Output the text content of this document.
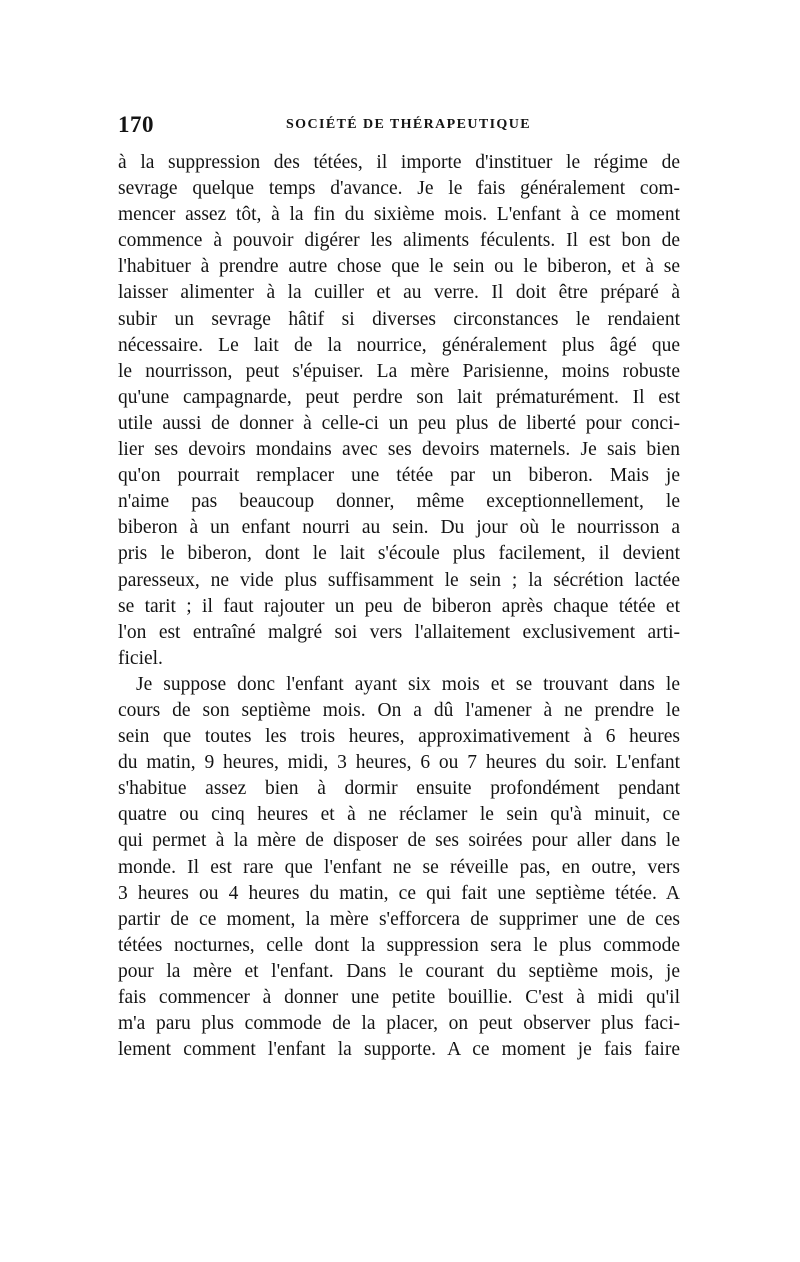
170	SOCIÉTÉ DE THÉRAPEUTIQUE
à la suppression des tétées, il importe d'instituer le régime de
sevrage quelque temps d'avance. Je le fais généralement com-
mencer assez tôt, à la fin du sixième mois. L'enfant à ce moment
commence à pouvoir digérer les aliments féculents. Il est bon de
l'habituer à prendre autre chose que le sein ou le biberon, et à se
laisser alimenter à la cuiller et au verre. Il doit être préparé à
subir un sevrage hâtif si diverses circonstances le rendaient
nécessaire. Le lait de la nourrice, généralement plus âgé que
le nourrisson, peut s'épuiser. La mère Parisienne, moins robuste
qu'une campagnarde, peut perdre son lait prématurément. Il est
utile aussi de donner à celle-ci un peu plus de liberté pour conci-
lier ses devoirs mondains avec ses devoirs maternels. Je sais bien
qu'on pourrait remplacer une tétée par un biberon. Mais je
n'aime pas beaucoup donner, même exceptionnellement, le
biberon à un enfant nourri au sein. Du jour où le nourrisson a
pris le biberon, dont le lait s'écoule plus facilement, il devient
paresseux, ne vide plus suffisamment le sein ; la sécrétion lactée
se tarit ; il faut rajouter un peu de biberon après chaque tétée et
l'on est entraîné malgré soi vers l'allaitement exclusivement arti-
ficiel.
Je suppose donc l'enfant ayant six mois et se trouvant dans le
cours de son septième mois. On a dû l'amener à ne prendre le
sein que toutes les trois heures, approximativement à 6 heures
du matin, 9 heures, midi, 3 heures, 6 ou 7 heures du soir. L'enfant
s'habitue assez bien à dormir ensuite profondément pendant
quatre ou cinq heures et à ne réclamer le sein qu'à minuit, ce
qui permet à la mère de disposer de ses soirées pour aller dans le
monde. Il est rare que l'enfant ne se réveille pas, en outre, vers
3 heures ou 4 heures du matin, ce qui fait une septième tétée. A
partir de ce moment, la mère s'efforcera de supprimer une de ces
tétées nocturnes, celle dont la suppression sera le plus commode
pour la mère et l'enfant. Dans le courant du septième mois, je
fais commencer à donner une petite bouillie. C'est à midi qu'il
m'a paru plus commode de la placer, on peut observer plus faci-
lement comment l'enfant la supporte. A ce moment je fais faire
